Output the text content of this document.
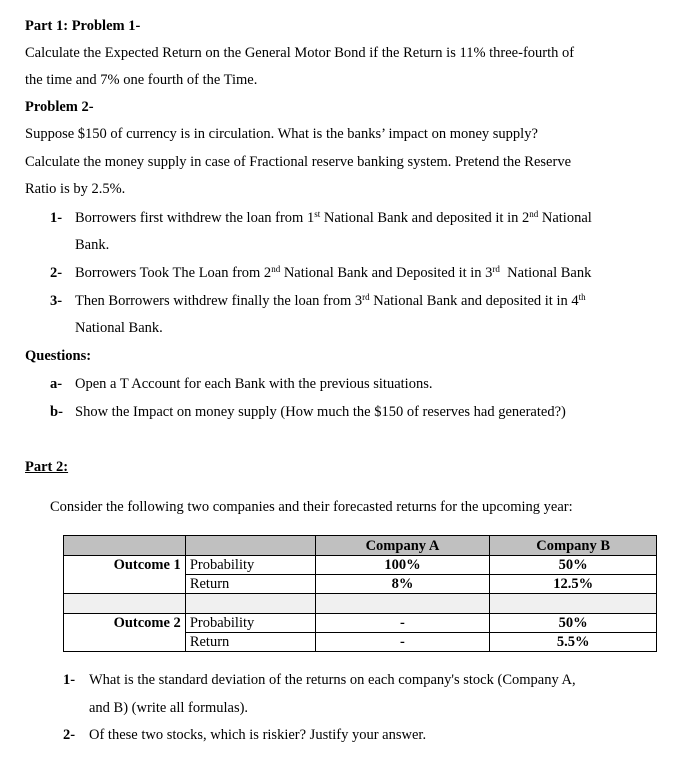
Part 1: Problem 1-
Calculate the Expected Return on the General Motor Bond if the Return is 11% three-fourth of
the time and 7% one fourth of the Time.
Problem 2-
Suppose $150 of currency is in circulation. What is the banks’ impact on money supply?
Calculate the money supply in case of Fractional reserve banking system. Pretend the Reserve
Ratio is by 2.5%.
1- Borrowers first withdrew the loan from 1st National Bank and deposited it in 2nd National
Bank.
2- Borrowers Took The Loan from 2nd National Bank and Deposited it in 3rd  National Bank
3- Then Borrowers withdrew finally the loan from 3rd National Bank and deposited it in 4th
National Bank.
Questions:
a- Open a T Account for each Bank with the previous situations.
b- Show the Impact on money supply (How much the $150 of reserves had generated?)
Part 2:
Consider the following two companies and their forecasted returns for the upcoming year:
		Company A	Company B
Outcome 1	Probability	100%	50%
	Return	8%	12.5%

Outcome 2	Probability	-	50%
	Return	-	5.5%
1- What is the standard deviation of the returns on each company's stock (Company A,
and B) (write all formulas).
2- Of these two stocks, which is riskier? Justify your answer.
